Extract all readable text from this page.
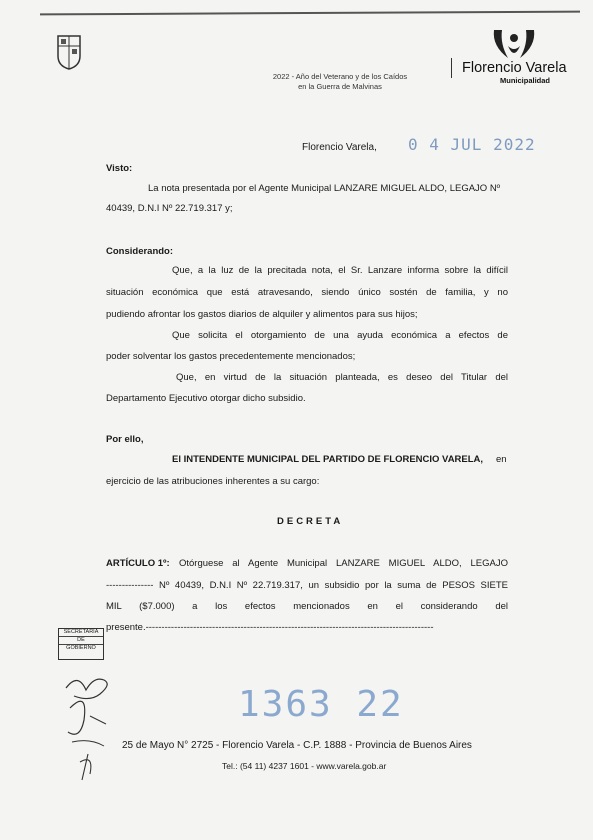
2022 - Año del Veterano y de los Caídos
en la Guerra de Malvinas
Florencio Varela
Municipalidad
Florencio Varela, 0 4 JUL 2022
Visto:
La nota presentada por el Agente Municipal LANZARE MIGUEL ALDO, LEGAJO Nº
40439, D.N.I Nº 22.719.317 y;
Considerando:
Que, a la luz de la precitada nota, el Sr. Lanzare informa sobre la difícil
situación económica que está atravesando, siendo único sostén de familia, y no
pudiendo afrontar los gastos diarios de alquiler y alimentos para sus hijos;
Que solicita el otorgamiento de una ayuda económica a efectos de
poder solventar los gastos precedentemente mencionados;
Que, en virtud de la situación planteada, es deseo del Titular del
Departamento Ejecutivo otorgar dicho subsidio.
Por ello,
El INTENDENTE MUNICIPAL DEL PARTIDO DE FLORENCIO VARELA, en
ejercicio de las atribuciones inherentes a su cargo:
DECRETA
ARTÍCULO 1º: Otórguese al Agente Municipal LANZARE MIGUEL ALDO, LEGAJO
--------------- Nº 40439, D.N.I Nº 22.719.317, un subsidio por la suma de PESOS SIETE
MIL ($7.000) a los efectos mencionados en el considerando del
presente.-------------------------------------------------------------------------------------------
SECRETARIA
DE
GOBIERNO
1363 22
25 de Mayo N° 2725 - Florencio Varela - C.P. 1888 - Provincia de Buenos Aires
Tel.: (54 11) 4237 1601 - www.varela.gob.ar
